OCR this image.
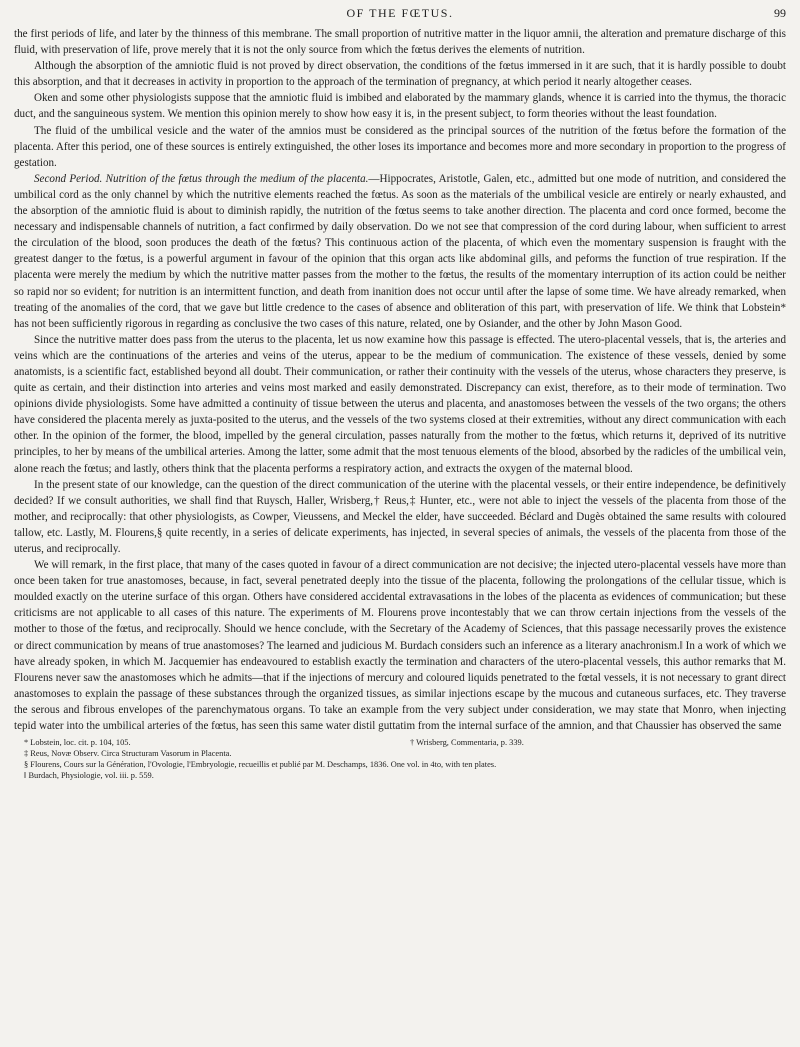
OF THE FŒTUS.	99

the first periods of life, and later by the thinness of this membrane. The small proportion of nutritive matter in the liquor amnii, the alteration and premature discharge of this fluid, with preservation of life, prove merely that it is not the only source from which the fœtus derives the elements of nutrition.

Although the absorption of the amniotic fluid is not proved by direct observation, the conditions of the fœtus immersed in it are such, that it is hardly possible to doubt this absorption, and that it decreases in activity in proportion to the approach of the termination of pregnancy, at which period it nearly altogether ceases.

Oken and some other physiologists suppose that the amniotic fluid is imbibed and elaborated by the mammary glands, whence it is carried into the thymus, the thoracic duct, and the sanguineous system. We mention this opinion merely to show how easy it is, in the present subject, to form theories without the least foundation.

The fluid of the umbilical vesicle and the water of the amnios must be considered as the principal sources of the nutrition of the fœtus before the formation of the placenta. After this period, one of these sources is entirely extinguished, the other loses its importance and becomes more and more secondary in proportion to the progress of gestation.

Second Period. Nutrition of the fœtus through the medium of the placenta.—Hippocrates, Aristotle, Galen, etc., admitted but one mode of nutrition, and considered the umbilical cord as the only channel by which the nutritive elements reached the fœtus. As soon as the materials of the umbilical vesicle are entirely or nearly exhausted, and the absorption of the amniotic fluid is about to diminish rapidly, the nutrition of the fœtus seems to take another direction. The placenta and cord once formed, become the necessary and indispensable channels of nutrition, a fact confirmed by daily observation. Do we not see that compression of the cord during labour, when sufficient to arrest the circulation of the blood, soon produces the death of the fœtus? This continuous action of the placenta, of which even the momentary suspension is fraught with the greatest danger to the fœtus, is a powerful argument in favour of the opinion that this organ acts like abdominal gills, and peforms the function of true respiration. If the placenta were merely the medium by which the nutritive matter passes from the mother to the fœtus, the results of the momentary interruption of its action could be neither so rapid nor so evident; for nutrition is an intermittent function, and death from inanition does not occur until after the lapse of some time. We have already remarked, when treating of the anomalies of the cord, that we gave but little credence to the cases of absence and obliteration of this part, with preservation of life. We think that Lobstein* has not been sufficiently rigorous in regarding as conclusive the two cases of this nature, related, one by Osiander, and the other by John Mason Good.

Since the nutritive matter does pass from the uterus to the placenta, let us now examine how this passage is effected. The utero-placental vessels, that is, the arteries and veins which are the continuations of the arteries and veins of the uterus, appear to be the medium of communication. The existence of these vessels, denied by some anatomists, is a scientific fact, established beyond all doubt. Their communication, or rather their continuity with the vessels of the uterus, whose characters they preserve, is quite as certain, and their distinction into arteries and veins most marked and easily demonstrated. Discrepancy can exist, therefore, as to their mode of termination. Two opinions divide physiologists. Some have admitted a continuity of tissue between the uterus and placenta, and anastomoses between the vessels of the two organs; the others have considered the placenta merely as juxta-posited to the uterus, and the vessels of the two systems closed at their extremities, without any direct communication with each other. In the opinion of the former, the blood, impelled by the general circulation, passes naturally from the mother to the fœtus, which returns it, deprived of its nutritive principles, to her by means of the umbilical arteries. Among the latter, some admit that the most tenuous elements of the blood, absorbed by the radicles of the umbilical vein, alone reach the fœtus; and lastly, others think that the placenta performs a respiratory action, and extracts the oxygen of the maternal blood.

In the present state of our knowledge, can the question of the direct communication of the uterine with the placental vessels, or their entire independence, be definitively decided? If we consult authorities, we shall find that Ruysch, Haller, Wrisberg,† Reus,‡ Hunter, etc., were not able to inject the vessels of the placenta from those of the mother, and reciprocally: that other physiologists, as Cowper, Vieussens, and Meckel the elder, have succeeded. Béclard and Dugès obtained the same results with coloured tallow, etc. Lastly, M. Flourens,§ quite recently, in a series of delicate experiments, has injected, in several species of animals, the vessels of the placenta from those of the uterus, and reciprocally.

We will remark, in the first place, that many of the cases quoted in favour of a direct communication are not decisive; the injected utero-placental vessels have more than once been taken for true anastomoses, because, in fact, several penetrated deeply into the tissue of the placenta, following the prolongations of the cellular tissue, which is moulded exactly on the uterine surface of this organ. Others have considered accidental extravasations in the lobes of the placenta as evidences of communication; but these criticisms are not applicable to all cases of this nature. The experiments of M. Flourens prove incontestably that we can throw certain injections from the vessels of the mother to those of the fœtus, and reciprocally. Should we hence conclude, with the Secretary of the Academy of Sciences, that this passage necessarily proves the existence or direct communication by means of true anastomoses? The learned and judicious M. Burdach considers such an inference as a literary anachronism.‖ In a work of which we have already spoken, in which M. Jacquemier has endeavoured to establish exactly the termination and characters of the utero-placental vessels, this author remarks that M. Flourens never saw the anastomoses which he admits—that if the injections of mercury and coloured liquids penetrated to the fœtal vessels, it is not necessary to grant direct anastomoses to explain the passage of these substances through the organized tissues, as similar injections escape by the mucous and cutaneous surfaces, etc. They traverse the serous and fibrous envelopes of the parenchymatous organs. To take an example from the very subject under consideration, we may state that Monro, when injecting tepid water into the umbilical arteries of the fœtus, has seen this same water distil guttatim from the internal surface of the amnion, and that Chaussier has observed the same

* Lobstein, loc. cit. p. 104, 105.	† Wrisberg, Commentaria, p. 339.
‡ Reus, Novæ Observ. Circa Structuram Vasorum in Placenta.
§ Flourens, Cours sur la Génération, l'Ovologie, l'Embryologie, recueillis et publié par M. Deschamps, 1836. One vol. in 4to, with ten plates.
‖ Burdach, Physiologie, vol. iii. p. 559.
